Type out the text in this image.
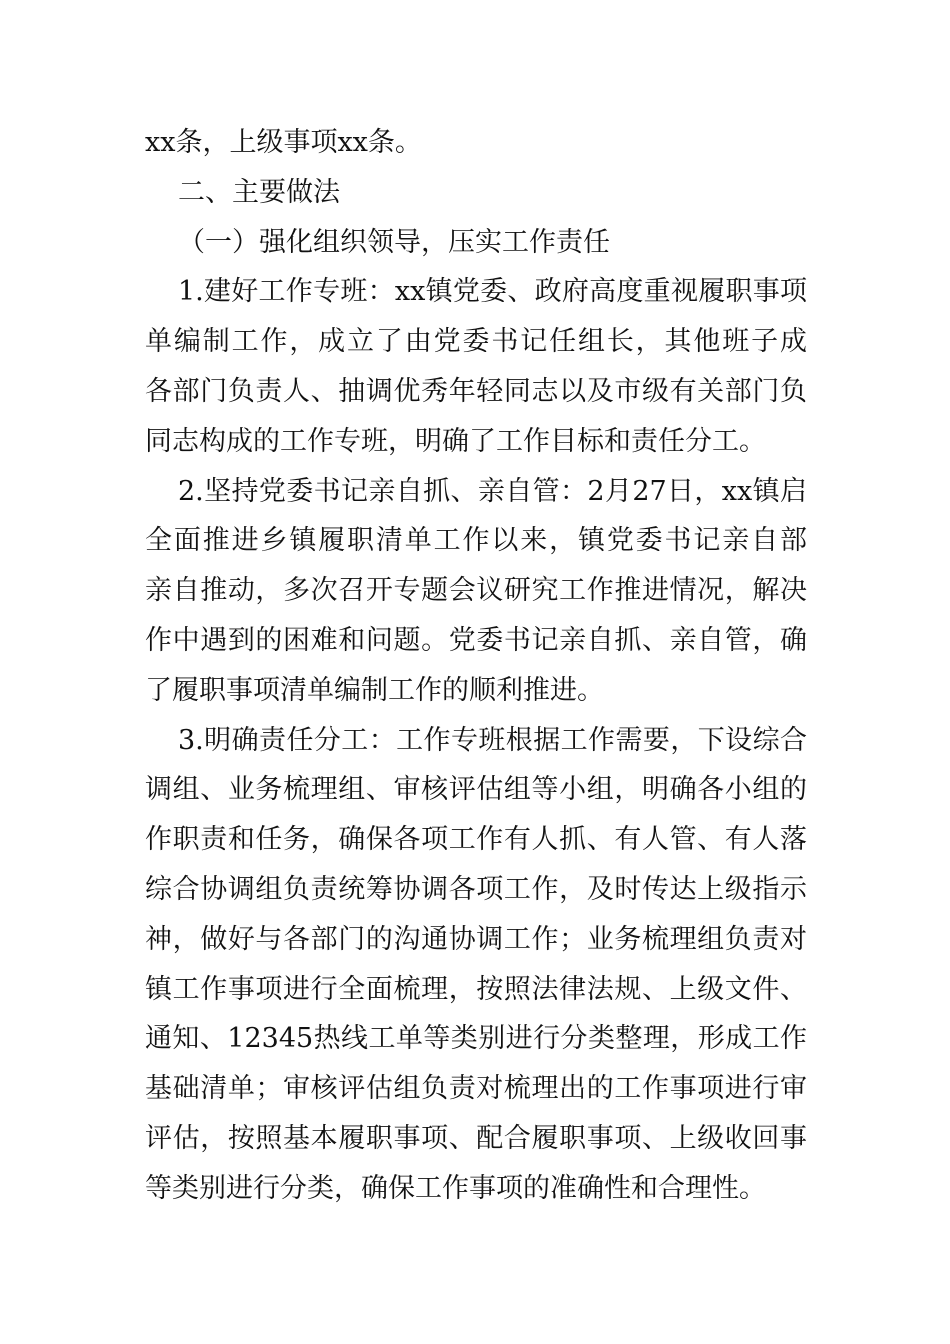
xx条，上级事项xx条。
二、主要做法
（一）强化组织领导，压实工作责任
1.建好工作专班：xx镇党委、政府高度重视履职事项
单编制工作，成立了由党委书记任组长，其他班子成
各部门负责人、抽调优秀年轻同志以及市级有关部门负
同志构成的工作专班，明确了工作目标和责任分工。
2.坚持党委书记亲自抓、亲自管：2月27日，xx镇启
全面推进乡镇履职清单工作以来，镇党委书记亲自部
亲自推动，多次召开专题会议研究工作推进情况，解决
作中遇到的困难和问题。党委书记亲自抓、亲自管，确
了履职事项清单编制工作的顺利推进。
3.明确责任分工：工作专班根据工作需要，下设综合
调组、业务梳理组、审核评估组等小组，明确各小组的
作职责和任务，确保各项工作有人抓、有人管、有人落
综合协调组负责统筹协调各项工作，及时传达上级指示
神，做好与各部门的沟通协调工作；业务梳理组负责对
镇工作事项进行全面梳理，按照法律法规、上级文件、
通知、12345热线工单等类别进行分类整理，形成工作
基础清单；审核评估组负责对梳理出的工作事项进行审
评估，按照基本履职事项、配合履职事项、上级收回事
等类别进行分类，确保工作事项的准确性和合理性。
